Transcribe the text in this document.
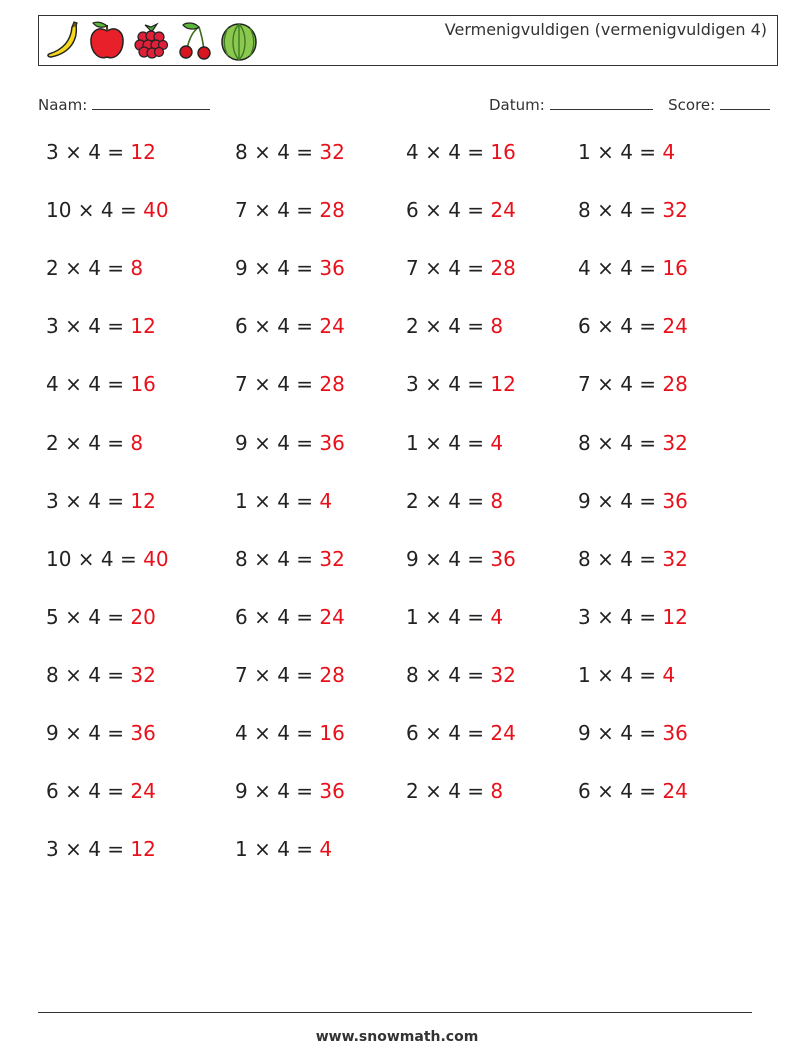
Vermenigvuldigen (vermenigvuldigen 4)
Naam:	Datum:	Score:
3 × 4 = 12	8 × 4 = 32	4 × 4 = 16	1 × 4 = 4
10 × 4 = 40	7 × 4 = 28	6 × 4 = 24	8 × 4 = 32
2 × 4 = 8	9 × 4 = 36	7 × 4 = 28	4 × 4 = 16
3 × 4 = 12	6 × 4 = 24	2 × 4 = 8	6 × 4 = 24
4 × 4 = 16	7 × 4 = 28	3 × 4 = 12	7 × 4 = 28
2 × 4 = 8	9 × 4 = 36	1 × 4 = 4	8 × 4 = 32
3 × 4 = 12	1 × 4 = 4	2 × 4 = 8	9 × 4 = 36
10 × 4 = 40	8 × 4 = 32	9 × 4 = 36	8 × 4 = 32
5 × 4 = 20	6 × 4 = 24	1 × 4 = 4	3 × 4 = 12
8 × 4 = 32	7 × 4 = 28	8 × 4 = 32	1 × 4 = 4
9 × 4 = 36	4 × 4 = 16	6 × 4 = 24	9 × 4 = 36
6 × 4 = 24	9 × 4 = 36	2 × 4 = 8	6 × 4 = 24
3 × 4 = 12	1 × 4 = 4
www.snowmath.com
